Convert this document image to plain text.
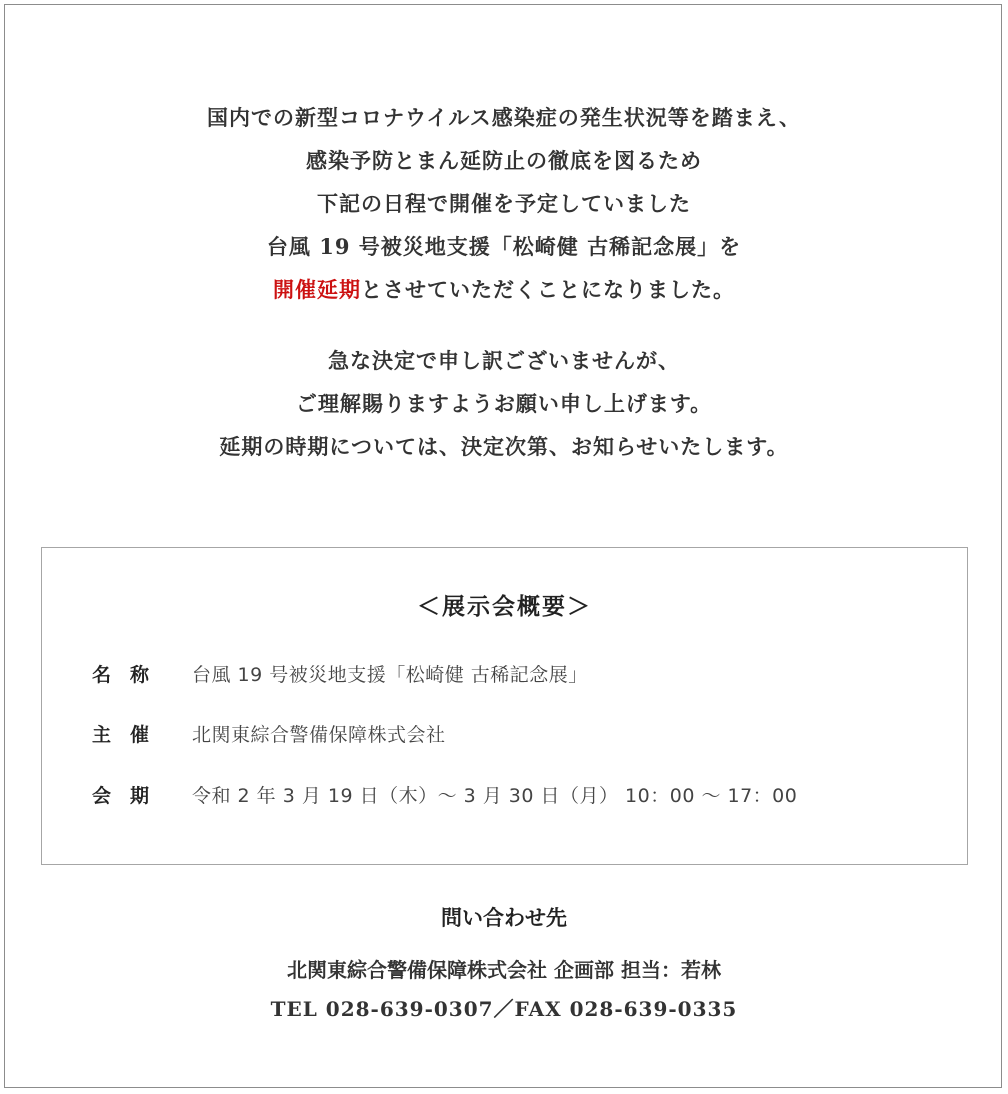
国内での新型コロナウイルス感染症の発生状況等を踏まえ、
感染予防とまん延防止の徹底を図るため
下記の日程で開催を予定していました
台風 19 号被災地支援「松崎健 古稀記念展」を
開催延期とさせていただくことになりました。
急な決定で申し訳ございませんが、
ご理解賜りますようお願い申し上げます。
延期の時期については、決定次第、お知らせいたします。
＜展示会概要＞
名　称 台風 19 号被災地支援「松崎健 古稀記念展」
主　催 北関東綜合警備保障株式会社
会　期 令和 2 年 3 月 19 日（木）～ 3 月 30 日（月） 10：00 ～ 17：00
問い合わせ先
北関東綜合警備保障株式会社 企画部 担当：若林
TEL 028-639-0307／FAX 028-639-0335
